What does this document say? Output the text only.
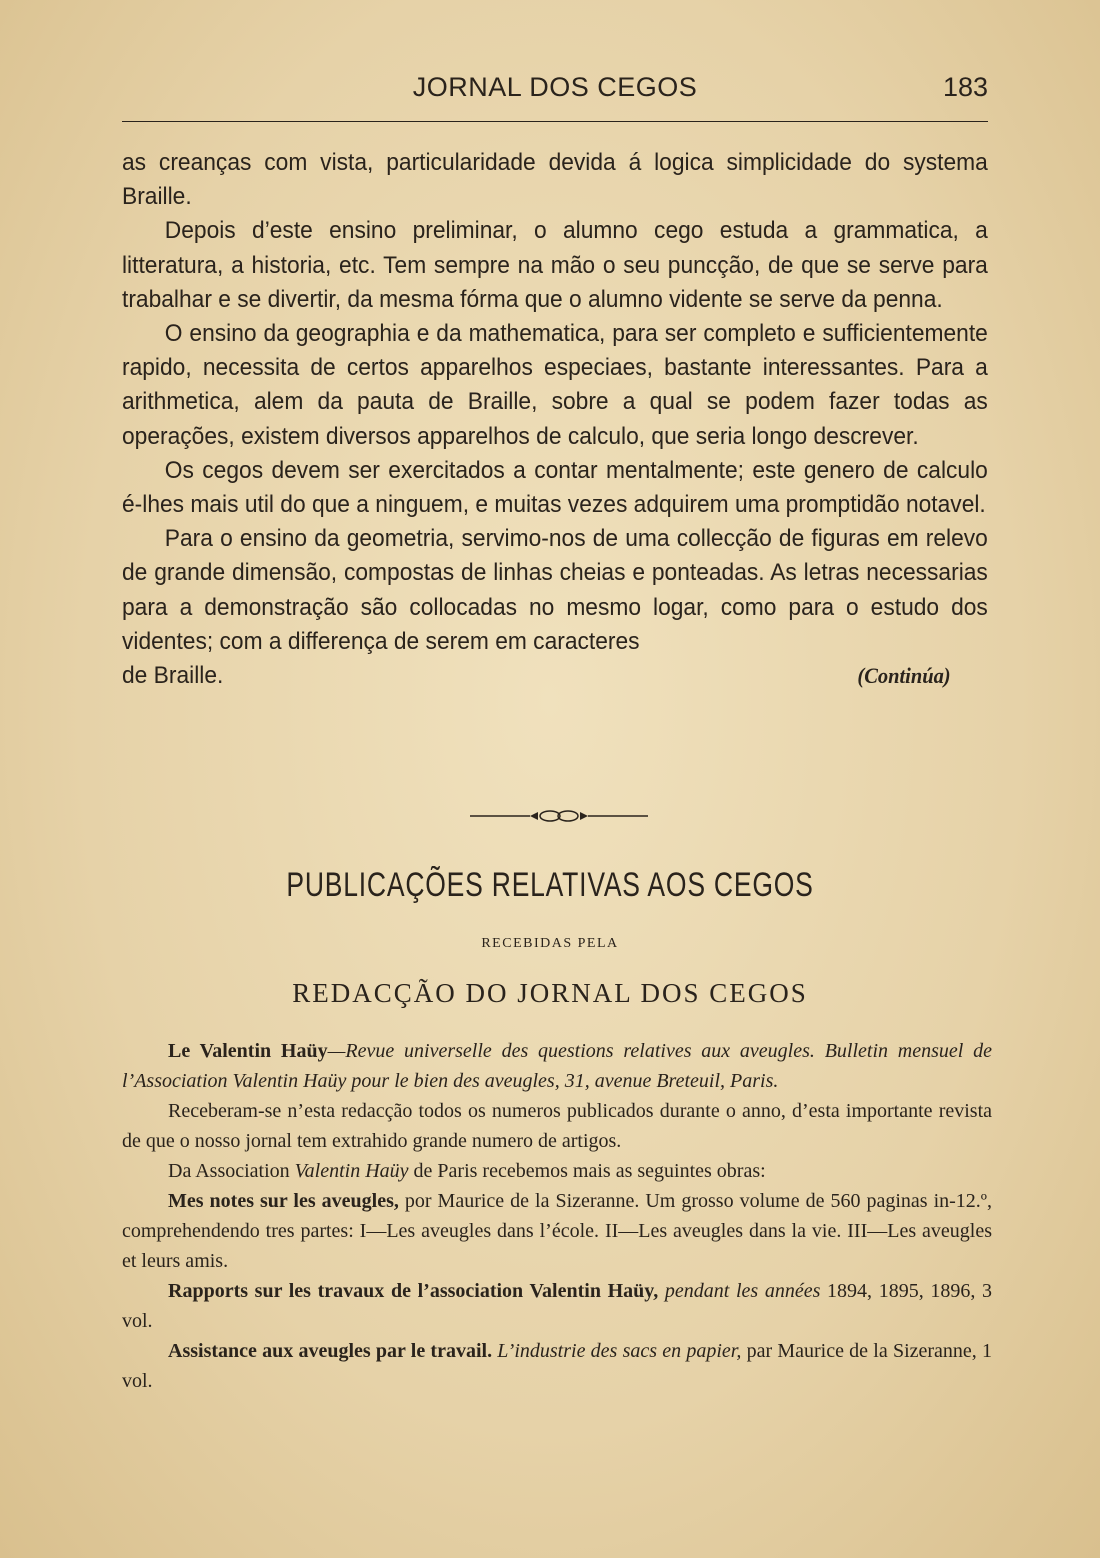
JORNAL DOS CEGOS	183

as creanças com vista, particularidade devida á logica simplicidade do systema Braille.

Depois d’este ensino preliminar, o alumno cego estuda a grammatica, a litteratura, a historia, etc. Tem sempre na mão o seu puncção, de que se serve para trabalhar e se divertir, da mesma fórma que o alumno vidente se serve da penna.

O ensino da geographia e da mathematica, para ser completo e sufficientemente rapido, necessita de certos apparelhos especiaes, bastante interessantes. Para a arithmetica, alem da pauta de Braille, sobre a qual se podem fazer todas as operações, existem diversos apparelhos de calculo, que seria longo descrever.

Os cegos devem ser exercitados a contar mentalmente; este genero de calculo é-lhes mais util do que a ninguem, e muitas vezes adquirem uma promptidão notavel.

Para o ensino da geometria, servimo-nos de uma collecção de figuras em relevo de grande dimensão, compostas de linhas cheias e ponteadas. As letras necessarias para a demonstração são collocadas no mesmo logar, como para o estudo dos videntes; com a differença de serem em caracteres

de Braille.	(Continúa)
PUBLICAÇÕES RELATIVAS AOS CEGOS
RECEBIDAS PELA
REDACÇÃO DO JORNAL DOS CEGOS

Le Valentin Haüy—Revue universelle des questions relatives aux aveugles. Bulletin mensuel de l’Association Valentin Haüy pour le bien des aveugles, 31, avenue Breteuil, Paris.

Receberam-se n’esta redacção todos os numeros publicados durante o anno, d’esta importante revista de que o nosso jornal tem extrahido grande numero de artigos.

Da Association Valentin Haüy de Paris recebemos mais as seguintes obras:

Mes notes sur les aveugles, por Maurice de la Sizeranne. Um grosso volume de 560 paginas in-12.º, comprehendendo tres partes: I—Les aveugles dans l’école. II—Les aveugles dans la vie. III—Les aveugles et leurs amis.

Rapports sur les travaux de l’association Valentin Haüy, pendant les années 1894, 1895, 1896, 3 vol.

Assistance aux aveugles par le travail. L’industrie des sacs en papier, par Maurice de la Sizeranne, 1 vol.
